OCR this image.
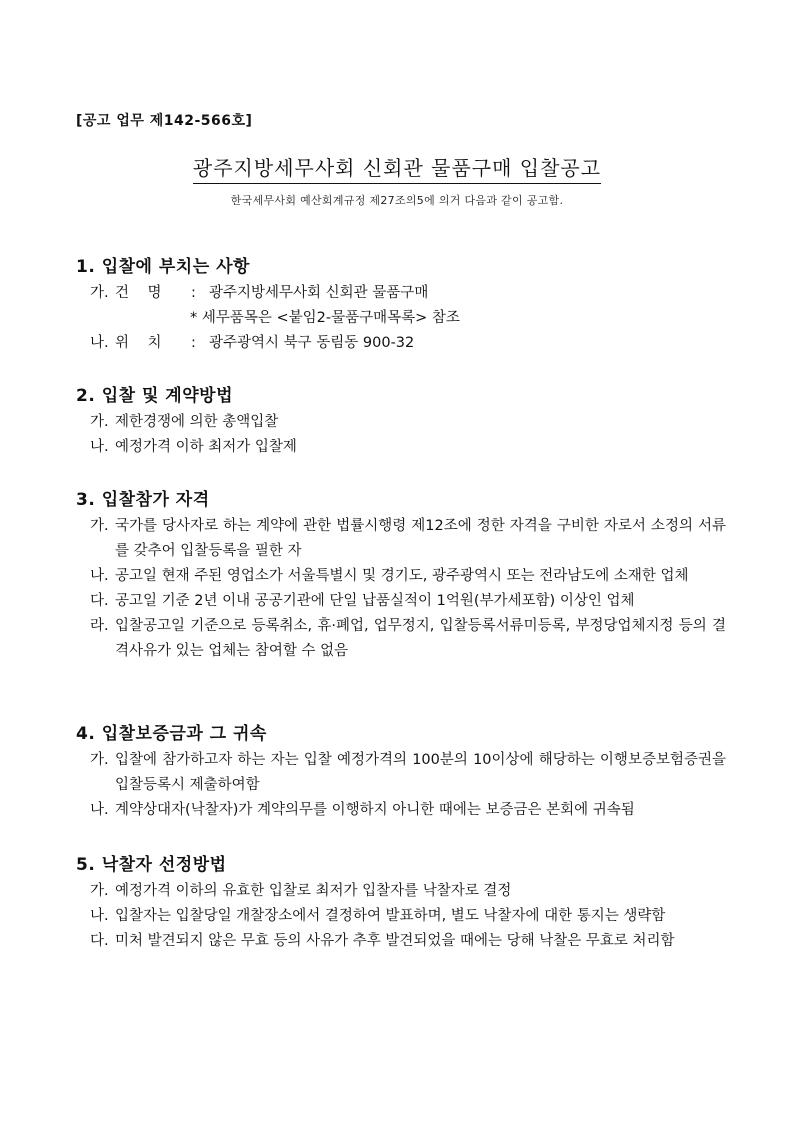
[공고 업무 제142-566호]
광주지방세무사회 신회관 물품구매 입찰공고
한국세무사회 예산회계규정 제27조의5에 의거 다음과 같이 공고함.
1. 입찰에 부치는 사항
가. 건    명	: 광주지방세무사회 신회관 물품구매
* 세무품목은 <붙임2-물품구매목록> 참조
나. 위    치	: 광주광역시 북구 동림동 900-32
2. 입찰 및 계약방법
가. 제한경쟁에 의한 총액입찰
나. 예정가격 이하 최저가 입찰제
3. 입찰참가 자격
가. 국가를 당사자로 하는 계약에 관한 법률시행령 제12조에 정한 자격을 구비한 자로서 소정의 서류를 갖추어 입찰등록을 필한 자
나. 공고일 현재 주된 영업소가 서울특별시 및 경기도, 광주광역시 또는 전라남도에 소재한 업체
다. 공고일 기준 2년 이내 공공기관에 단일 납품실적이 1억원(부가세포함) 이상인 업체
라. 입찰공고일 기준으로 등록취소, 휴·폐업, 업무정지, 입찰등록서류미등록, 부정당업체지정 등의 결격사유가 있는 업체는 참여할 수 없음
4. 입찰보증금과 그 귀속
가. 입찰에 참가하고자 하는 자는 입찰 예정가격의 100분의 10이상에 해당하는 이행보증보험증권을 입찰등록시 제출하여함
나. 계약상대자(낙찰자)가 계약의무를 이행하지 아니한 때에는 보증금은 본회에 귀속됨
5. 낙찰자 선정방법
가. 예정가격 이하의 유효한 입찰로 최저가 입찰자를 낙찰자로 결정
나. 입찰자는 입찰당일 개찰장소에서 결정하여 발표하며, 별도 낙찰자에 대한 통지는 생략함
다. 미처 발견되지 않은 무효 등의 사유가 추후 발견되었을 때에는 당해 낙찰은 무효로 처리함
